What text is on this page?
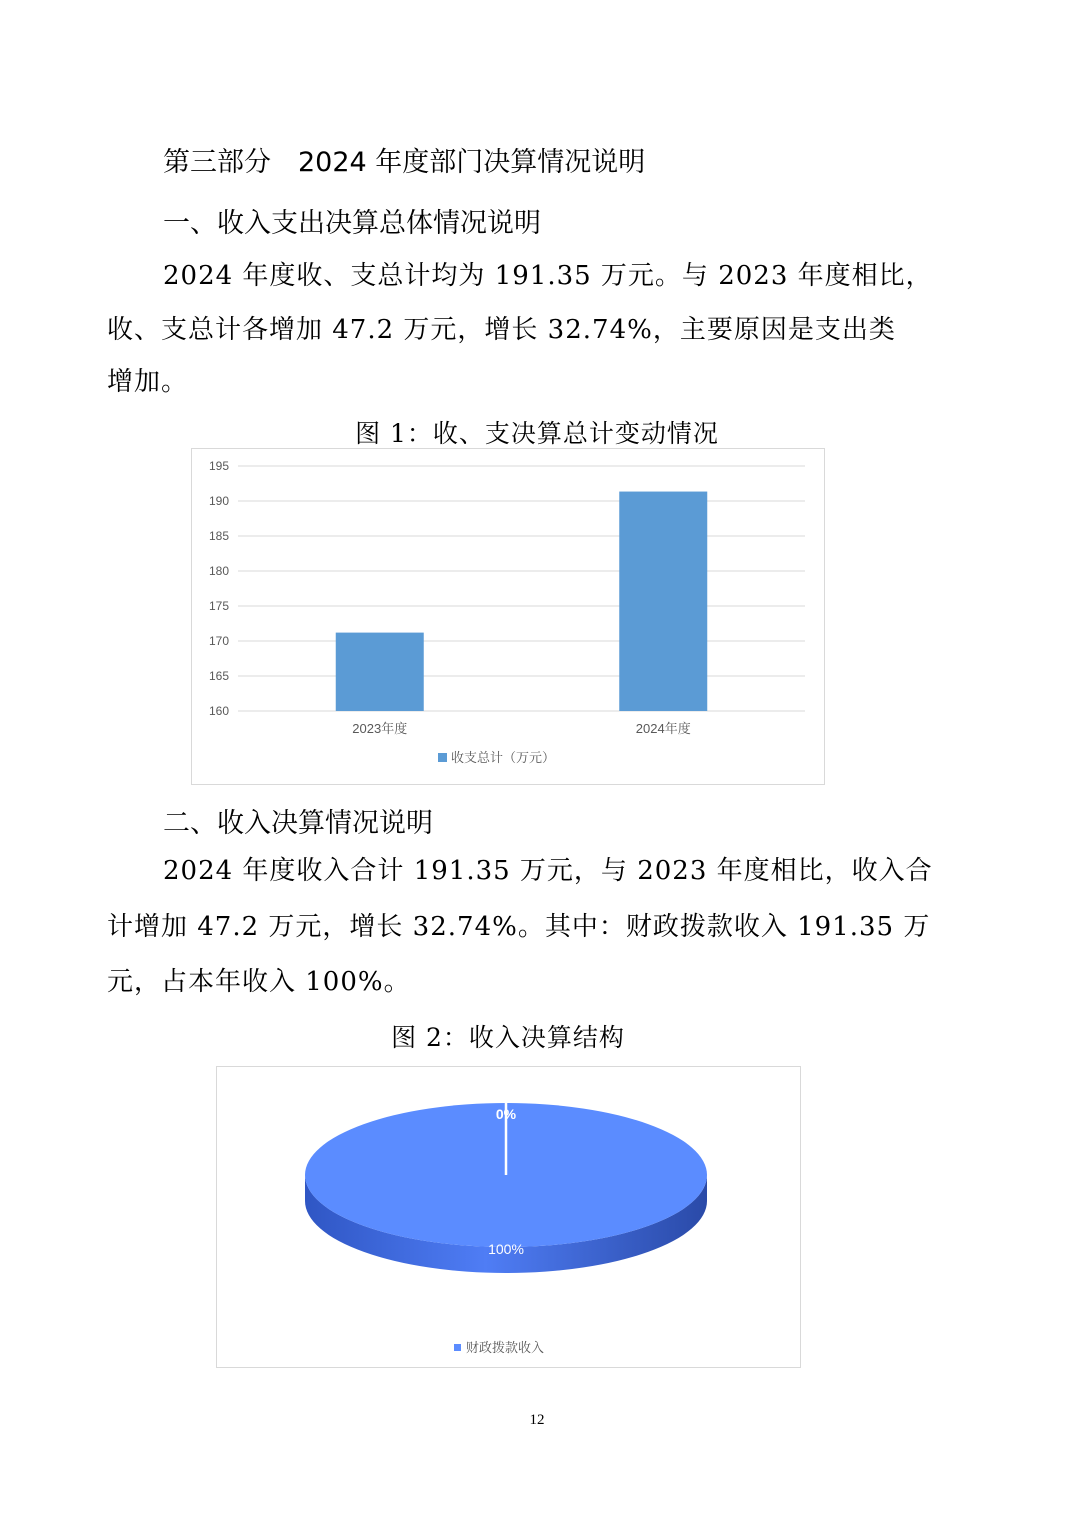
第三部分　2024 年度部门决算情况说明
一、收入支出决算总体情况说明
2024 年度收、支总计均为 191.35 万元。与 2023 年度相比，
收、支总计各增加 47.2 万元，增长 32.74%，主要原因是支出类
增加。
图 1：收、支决算总计变动情况
160
165
170
175
180
185
190
195
2023年度	2024年度
收支总计（万元）
二、收入决算情况说明
2024 年度收入合计 191.35 万元，与 2023 年度相比，收入合
计增加 47.2 万元，增长 32.74%。其中：财政拨款收入 191.35 万
元，占本年收入 100%。
图 2：收入决算结构
100%
0%
财政拨款收入
12
